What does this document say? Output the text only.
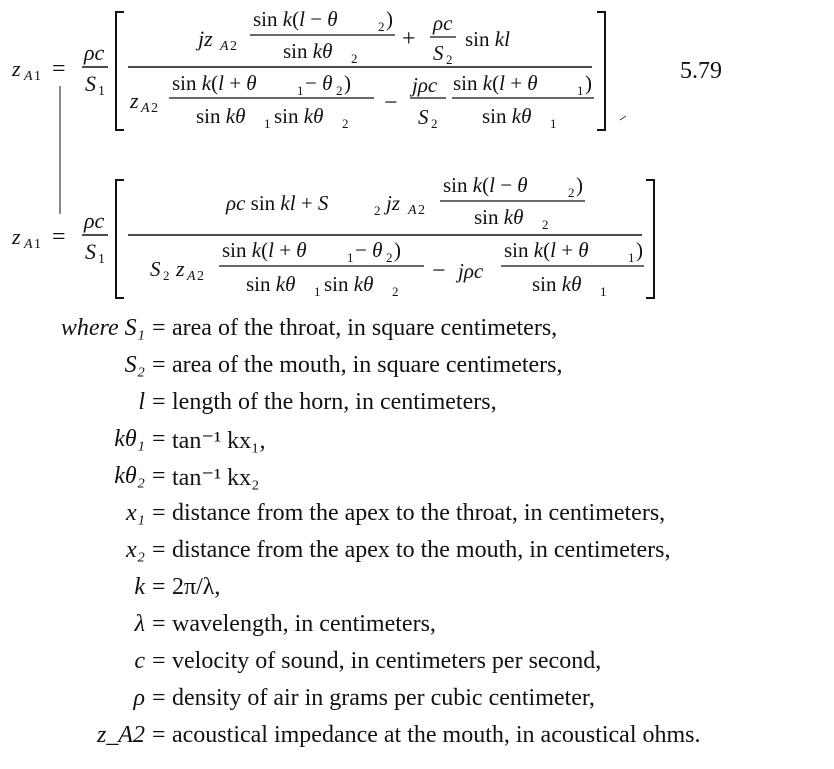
z A 1 =
ρc
S 1
jz A 2
sin k(l − θ	2 )
sin kθ 2
+
ρc
S 2
sin kl
z A 2
sin k(l + θ	1 − θ 2 )
sin kθ 1 sin kθ 2
−
jρc
S 2
sin k(l + θ	1 )
sin kθ 1
5.79
z A 1 =
ρc
S 1
ρc sin kl + S	2 jz A 2
sin k(l − θ	2 )
sin kθ 2
S 2 z A 2
sin k(l + θ	1 − θ 2 )
sin kθ 1 sin kθ 2
− jρc
sin k(l + θ	1 )
sin kθ 1
where S₁ = area of the throat, in square centimeters,
S₂ = area of the mouth, in square centimeters,
l = length of the horn, in centimeters,
kθ₁ = tan⁻¹ kx₁,
kθ₂ = tan⁻¹ kx₂
x₁ = distance from the apex to the throat, in centimeters,
x₂ = distance from the apex to the mouth, in centimeters,
k = 2π/λ,
λ = wavelength, in centimeters,
c = velocity of sound, in centimeters per second,
ρ = density of air in grams per cubic centimeter,
z_A2 = acoustical impedance at the mouth, in acoustical ohms.
